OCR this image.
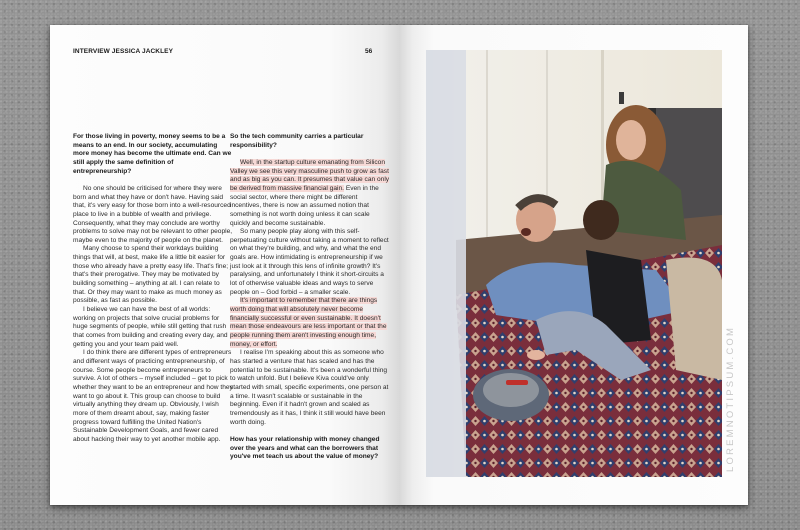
INTERVIEW JESSICA JACKLEY	56
For those living in poverty, money seems to be a means to an end. In our society, accumulating more money has become the ultimate end. Can we still apply the same definition of entrepreneurship?
No one should be criticised for where they were born and what they have or don't have. Having said that, it's very easy for those born into a well-resourced place to live in a bubble of wealth and privilege. Consequently, what they may conclude are worthy problems to solve may not be relevant to other people, maybe even to the majority of people on the planet.
Many choose to spend their workdays building things that will, at best, make life a little bit easier for those who already have a pretty easy life. That's fine; that's their prerogative. They may be motivated by building something – anything at all. I can relate to that. Or they may want to make as much money as possible, as fast as possible.
I believe we can have the best of all worlds: working on projects that solve crucial problems for huge segments of people, while still getting that rush that comes from building and creating every day, and getting you and your team paid well.
I do think there are different types of entrepreneurs and different ways of practicing entrepreneurship, of course. Some people become entrepreneurs to survive. A lot of others – myself included – get to pick whether they want to be an entrepreneur and how they want to go about it. This group can choose to build virtually anything they dream up. Obviously, I wish more of them dreamt about, say, making faster progress toward fulfilling the United Nation's Sustainable Development Goals, and fewer cared about hacking their way to yet another mobile app.
So the tech community carries a particular responsibility?
Well, in the startup culture emanating from Silicon Valley we see this very masculine push to grow as fast and as big as you can. It presumes that value can only be derived from massive financial gain. Even in the social sector, where there might be different incentives, there is now an assumed notion that something is not worth doing unless it can scale quickly and become sustainable.
So many people play along with this self-perpetuating culture without taking a moment to reflect on what they're building, and why, and what the end goals are. How intimidating is entrepreneurship if we just look at it through this lens of infinite growth? It's paralysing, and unfortunately I think it short-circuits a lot of otherwise valuable ideas and ways to serve people on – God forbid – a smaller scale.
It's important to remember that there are things worth doing that will absolutely never become financially successful or even sustainable. It doesn't mean those endeavours are less important or that the people running them aren't investing enough time, money, or effort.
I realise I'm speaking about this as someone who has started a venture that has scaled and has the potential to be sustainable. It's been a wonderful thing to watch unfold. But I believe Kiva could've only started with small, specific experiments, one person at a time. It wasn't scalable or sustainable in the beginning. Even if it hadn't grown and scaled as tremendously as it has, I think it still would have been worth doing.
How has your relationship with money changed over the years and what can the borrowers that you've met teach us about the value of money?	LOREMNOTIPSUM.COM
